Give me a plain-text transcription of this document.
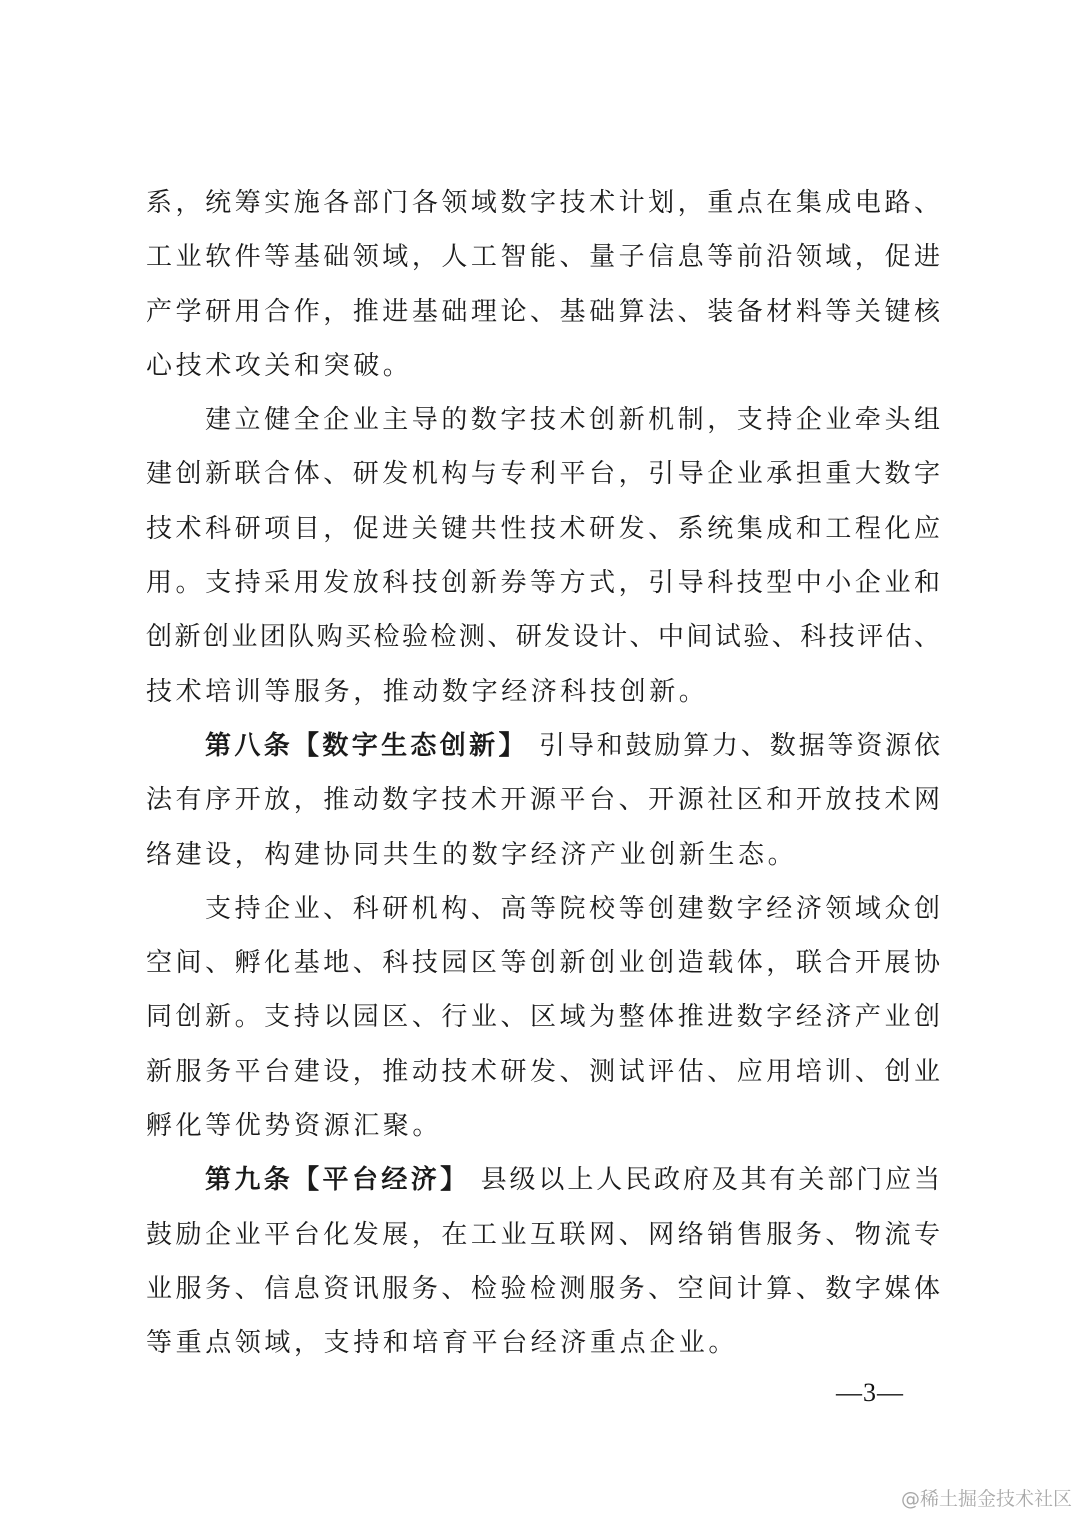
系，统筹实施各部门各领域数字技术计划，重点在集成电路、
工业软件等基础领域，人工智能、量子信息等前沿领域，促进
产学研用合作，推进基础理论、基础算法、装备材料等关键核
心技术攻关和突破。
建立健全企业主导的数字技术创新机制，支持企业牵头组
建创新联合体、研发机构与专利平台，引导企业承担重大数字
技术科研项目，促进关键共性技术研发、系统集成和工程化应
用。支持采用发放科技创新券等方式，引导科技型中小企业和
创新创业团队购买检验检测、研发设计、中间试验、科技评估、
技术培训等服务，推动数字经济科技创新。
第八条【数字生态创新】 引导和鼓励算力、数据等资源依
法有序开放，推动数字技术开源平台、开源社区和开放技术网
络建设，构建协同共生的数字经济产业创新生态。
支持企业、科研机构、高等院校等创建数字经济领域众创
空间、孵化基地、科技园区等创新创业创造载体，联合开展协
同创新。支持以园区、行业、区域为整体推进数字经济产业创
新服务平台建设，推动技术研发、测试评估、应用培训、创业
孵化等优势资源汇聚。
第九条【平台经济】 县级以上人民政府及其有关部门应当
鼓励企业平台化发展，在工业互联网、网络销售服务、物流专
业服务、信息资讯服务、检验检测服务、空间计算、数字媒体
等重点领域，支持和培育平台经济重点企业。
—3—
@稀土掘金技术社区
